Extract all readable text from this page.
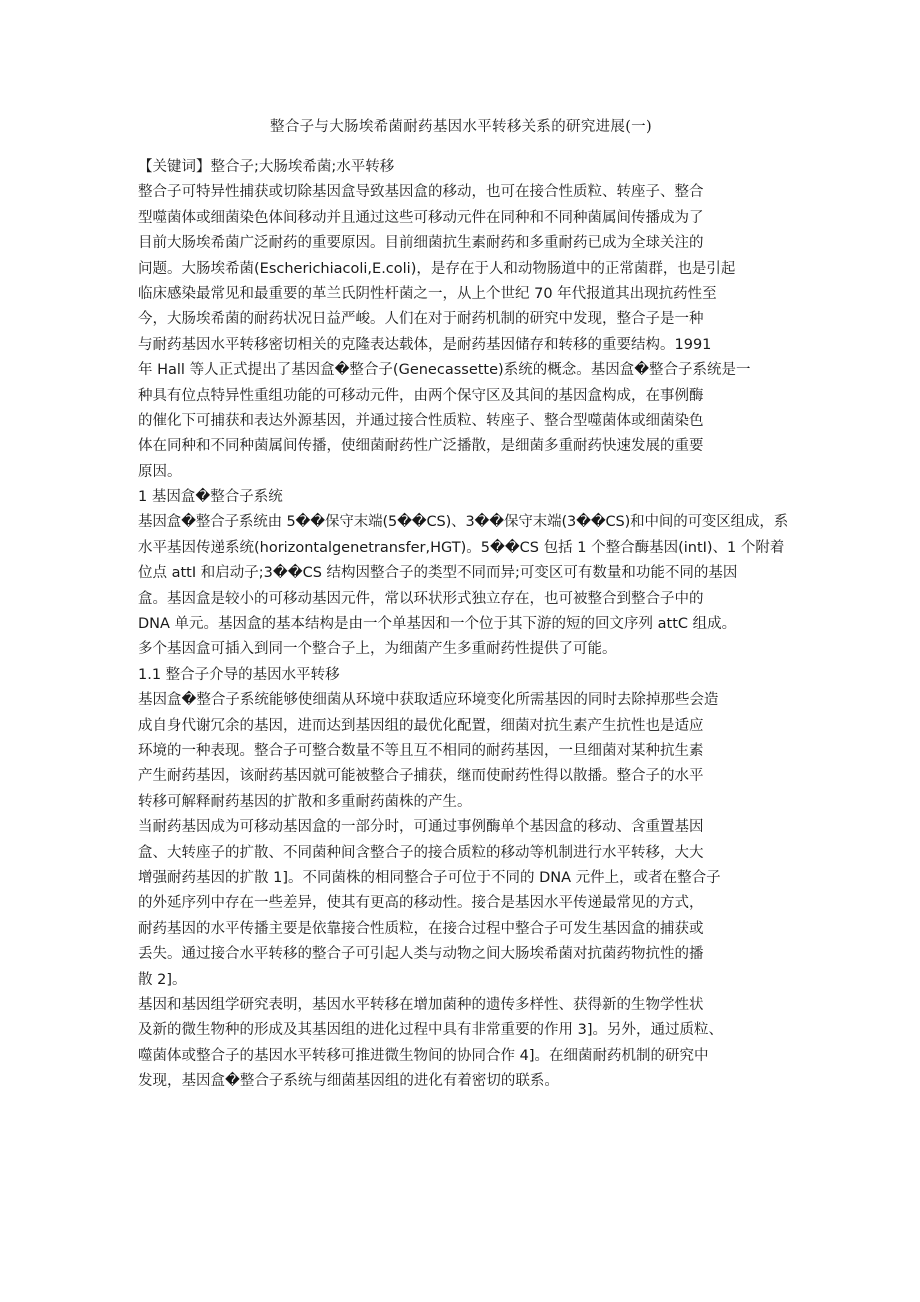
整合子与大肠埃希菌耐药基因水平转移关系的研究进展(一)
【关键词】整合子;大肠埃希菌;水平转移
整合子可特异性捕获或切除基因盒导致基因盒的移动，也可在接合性质粒、转座子、整合
型噬菌体或细菌染色体间移动并且通过这些可移动元件在同种和不同种菌属间传播成为了
目前大肠埃希菌广泛耐药的重要原因。目前细菌抗生素耐药和多重耐药已成为全球关注的
问题。大肠埃希菌(Escherichiacoli,E.coli)，是存在于人和动物肠道中的正常菌群，也是引起
临床感染最常见和最重要的革兰氏阴性杆菌之一，从上个世纪 70 年代报道其出现抗药性至
今，大肠埃希菌的耐药状况日益严峻。人们在对于耐药机制的研究中发现，整合子是一种
与耐药基因水平转移密切相关的克隆表达载体，是耐药基因储存和转移的重要结构。1991
年 Hall 等人正式提出了基因盒�整合子(Genecassette)系统的概念。基因盒�整合子系统是一
种具有位点特异性重组功能的可移动元件，由两个保守区及其间的基因盒构成，在事例酶
的催化下可捕获和表达外源基因，并通过接合性质粒、转座子、整合型噬菌体或细菌染色
体在同种和不同种菌属间传播，使细菌耐药性广泛播散，是细菌多重耐药快速发展的重要
原因。
1 基因盒�整合子系统
基因盒�整合子系统由 5��保守末端(5��CS)、3��保守末端(3��CS)和中间的可变区组成，系
水平基因传递系统(horizontalgenetransfer,HGT)。5��CS 包括 1 个整合酶基因(intI)、1 个附着
位点 attI 和启动子;3��CS 结构因整合子的类型不同而异;可变区可有数量和功能不同的基因
盒。基因盒是较小的可移动基因元件，常以环状形式独立存在，也可被整合到整合子中的
DNA 单元。基因盒的基本结构是由一个单基因和一个位于其下游的短的回文序列 attC 组成。
多个基因盒可插入到同一个整合子上，为细菌产生多重耐药性提供了可能。
1.1 整合子介导的基因水平转移
基因盒�整合子系统能够使细菌从环境中获取适应环境变化所需基因的同时去除掉那些会造
成自身代谢冗余的基因，进而达到基因组的最优化配置，细菌对抗生素产生抗性也是适应
环境的一种表现。整合子可整合数量不等且互不相同的耐药基因，一旦细菌对某种抗生素
产生耐药基因，该耐药基因就可能被整合子捕获，继而使耐药性得以散播。整合子的水平
转移可解释耐药基因的扩散和多重耐药菌株的产生。
当耐药基因成为可移动基因盒的一部分时，可通过事例酶单个基因盒的移动、含重置基因
盒、大转座子的扩散、不同菌种间含整合子的接合质粒的移动等机制进行水平转移，大大
增强耐药基因的扩散 1]。不同菌株的相同整合子可位于不同的 DNA 元件上，或者在整合子
的外延序列中存在一些差异，使其有更高的移动性。接合是基因水平传递最常见的方式，
耐药基因的水平传播主要是依靠接合性质粒，在接合过程中整合子可发生基因盒的捕获或
丢失。通过接合水平转移的整合子可引起人类与动物之间大肠埃希菌对抗菌药物抗性的播
散 2]。
基因和基因组学研究表明，基因水平转移在增加菌种的遗传多样性、获得新的生物学性状
及新的微生物种的形成及其基因组的进化过程中具有非常重要的作用 3]。另外，通过质粒、
噬菌体或整合子的基因水平转移可推进微生物间的协同合作 4]。在细菌耐药机制的研究中
发现，基因盒�整合子系统与细菌基因组的进化有着密切的联系。
